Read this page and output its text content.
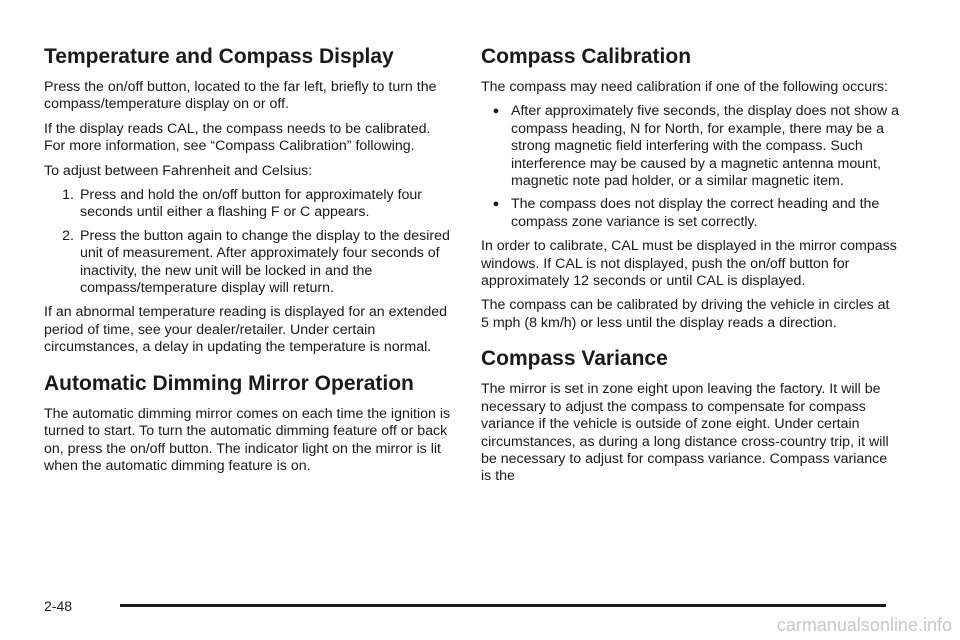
Temperature and Compass Display

Press the on/off button, located to the far left, briefly to turn the compass/temperature display on or off.

If the display reads CAL, the compass needs to be calibrated. For more information, see “Compass Calibration” following.

To adjust between Fahrenheit and Celsius:

1. Press and hold the on/off button for approximately four seconds until either a flashing F or C appears.
2. Press the button again to change the display to the desired unit of measurement. After approximately four seconds of inactivity, the new unit will be locked in and the compass/temperature display will return.

If an abnormal temperature reading is displayed for an extended period of time, see your dealer/retailer. Under certain circumstances, a delay in updating the temperature is normal.

Automatic Dimming Mirror Operation

The automatic dimming mirror comes on each time the ignition is turned to start. To turn the automatic dimming feature off or back on, press the on/off button. The indicator light on the mirror is lit when the automatic dimming feature is on.

Compass Calibration

The compass may need calibration if one of the following occurs:

● After approximately five seconds, the display does not show a compass heading, N for North, for example, there may be a strong magnetic field interfering with the compass. Such interference may be caused by a magnetic antenna mount, magnetic note pad holder, or a similar magnetic item.
● The compass does not display the correct heading and the compass zone variance is set correctly.

In order to calibrate, CAL must be displayed in the mirror compass windows. If CAL is not displayed, push the on/off button for approximately 12 seconds or until CAL is displayed.

The compass can be calibrated by driving the vehicle in circles at 5 mph (8 km/h) or less until the display reads a direction.

Compass Variance

The mirror is set in zone eight upon leaving the factory. It will be necessary to adjust the compass to compensate for compass variance if the vehicle is outside of zone eight. Under certain circumstances, as during a long distance cross-country trip, it will be necessary to adjust for compass variance. Compass variance is the

2-48
carmanualsonline.info
